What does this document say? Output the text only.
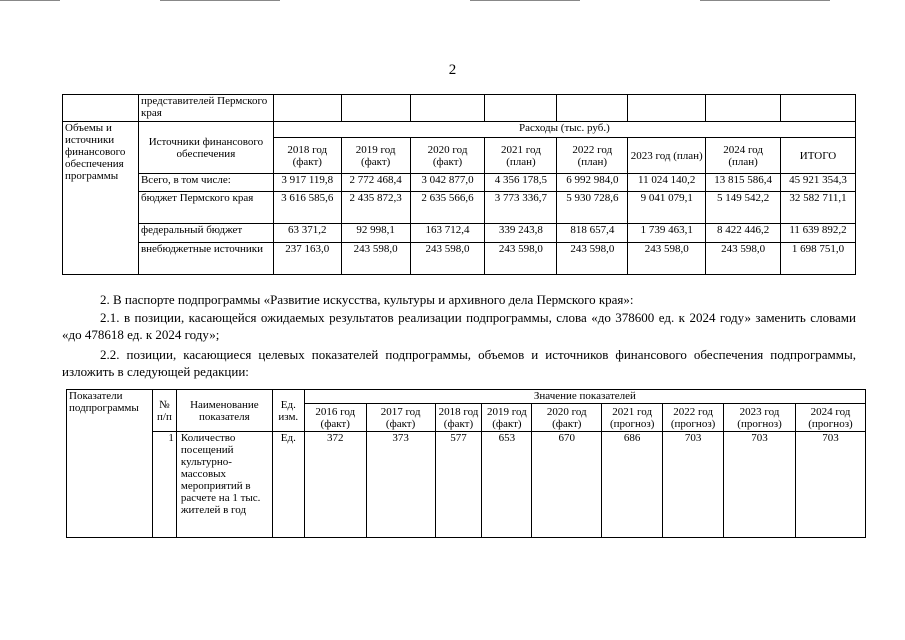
2
	представителей Пермского края								
Объемы и источники финансового обеспечения программы	Источники финансового обеспечения	Расходы (тыс. руб.)							
		2018 год (факт)	2019 год (факт)	2020 год (факт)	2021 год (план)	2022 год (план)	2023 год (план)	2024 год (план)	ИТОГО
	Всего, в том числе:	3 917 119,8	2 772 468,4	3 042 877,0	4 356 178,5	6 992 984,0	11 024 140,2	13 815 586,4	45 921 354,3
	бюджет Пермского края	3 616 585,6	2 435 872,3	2 635 566,6	3 773 336,7	5 930 728,6	9 041 079,1	5 149 542,2	32 582 711,1
	федеральный бюджет	63 371,2	92 998,1	163 712,4	339 243,8	818 657,4	1 739 463,1	8 422 446,2	11 639 892,2
	внебюджетные источники	237 163,0	243 598,0	243 598,0	243 598,0	243 598,0	243 598,0	243 598,0	1 698 751,0
2. В паспорте подпрограммы «Развитие искусства, культуры и архивного дела Пермского края»:
2.1. в позиции, касающейся ожидаемых результатов реализации подпрограммы, слова «до 378600 ед. к 2024 году» заменить словами «до 478618 ед. к 2024 году»;
2.2. позиции, касающиеся целевых показателей подпрограммы, объемов и источников финансового обеспечения подпрограммы, изложить в следующей редакции:
Показатели подпрограммы	№ п/п	Наименование показателя	Ед. изм.	Значение показателей								
				2016 год (факт)	2017 год (факт)	2018 год (факт)	2019 год (факт)	2020 год (факт)	2021 год (прогноз)	2022 год (прогноз)	2023 год (прогноз)	2024 год (прогноз)
	1	Количество посещений культурно-массовых мероприятий в расчете на 1 тыс. жителей в год	Ед.	372	373	577	653	670	686	703	703	703
